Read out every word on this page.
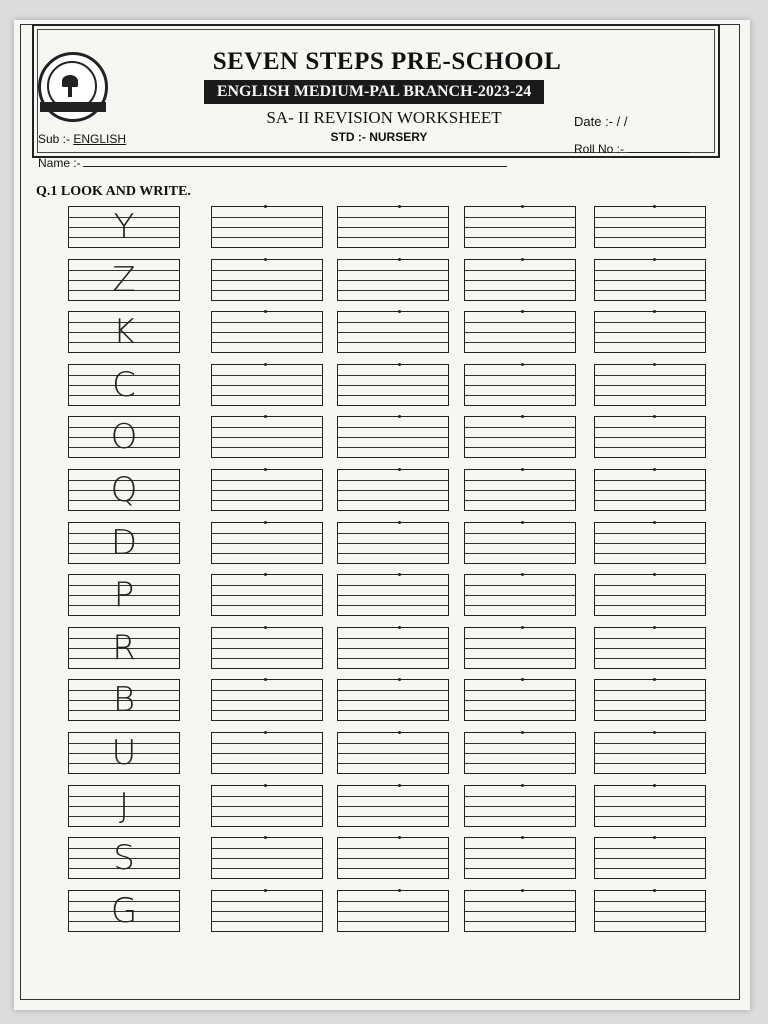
SEVEN STEPS PRE-SCHOOL
ENGLISH MEDIUM-PAL BRANCH-2023-24
SA- II REVISION WORKSHEET
STD :- NURSERY
Sub :- ENGLISH
Date :- / /
Roll No :-
Name :-
Q.1 LOOK AND WRITE.
Y
Z
K
C
O
Q
D
P
R
B
U
J
S
G
